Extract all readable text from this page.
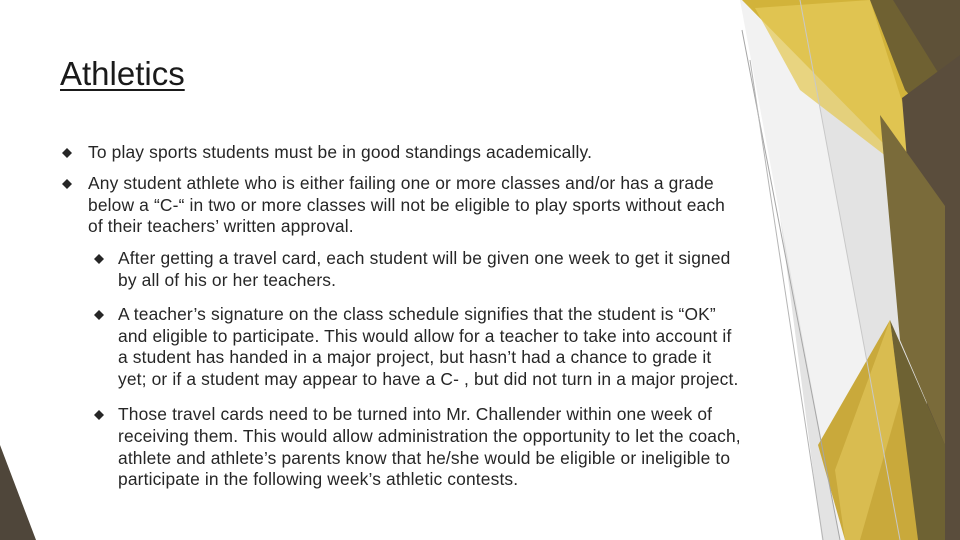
Athletics
To play sports students must be in good standings academically.
Any student athlete who is either failing one or more classes and/or has a grade below a “C-“ in two or more classes will not be eligible to play sports without each of their teachers’ written approval.
After getting a travel card, each student will be given one week to get it signed by all of his or her teachers.
A teacher’s signature on the class schedule signifies that the student is “OK” and eligible to participate. This would allow for a teacher to take into account if a student has handed in a major project, but hasn’t had a chance to grade it yet; or if a student may appear to have a C- , but did not turn in a major project.
Those travel cards need to be turned into Mr. Challender within one week of receiving them. This would allow administration the opportunity to let the coach, athlete and athlete’s parents know that he/she would be eligible or ineligible to participate in the following week’s athletic contests.
